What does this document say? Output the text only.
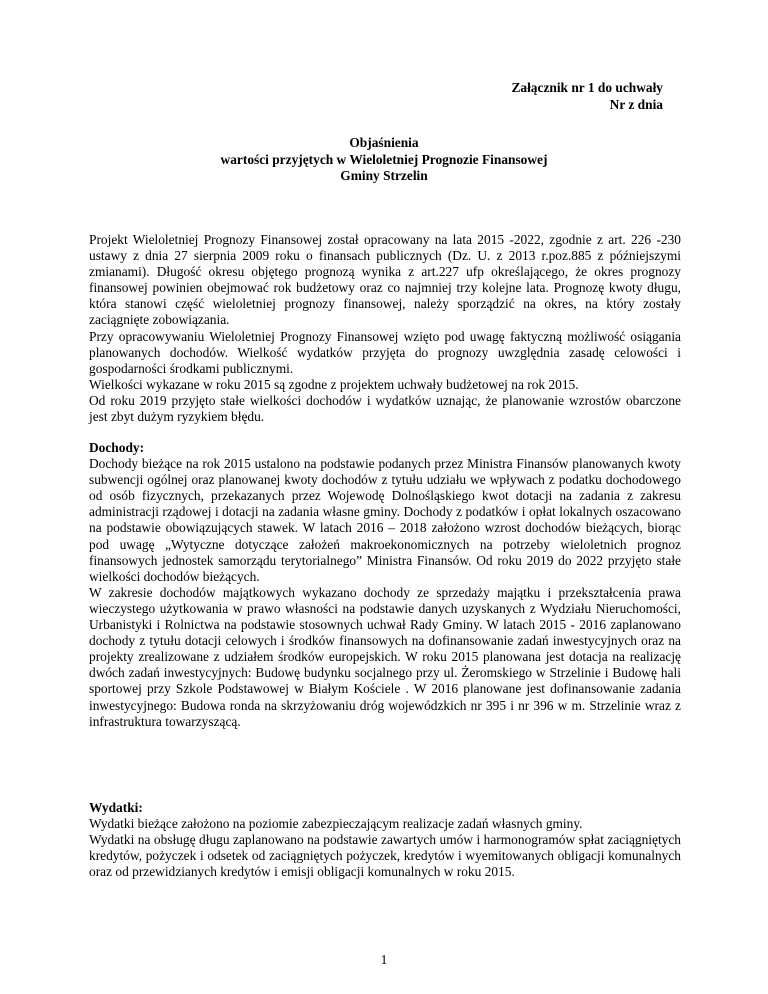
Załącznik nr 1 do uchwały
Nr z dnia
Objaśnienia
wartości przyjętych w Wieloletniej Prognozie Finansowej
Gminy Strzelin

Projekt Wieloletniej Prognozy Finansowej został opracowany na lata 2015 -2022, zgodnie z art. 226 -230 ustawy z dnia 27 sierpnia 2009 roku o finansach publicznych (Dz. U. z 2013 r.poz.885 z późniejszymi zmianami). Długość okresu objętego prognozą wynika z art.227 ufp określającego, że okres prognozy finansowej powinien obejmować rok budżetowy oraz co najmniej trzy kolejne lata. Prognozę kwoty długu, która stanowi część wieloletniej prognozy finansowej, należy sporządzić na okres, na który zostały zaciągnięte zobowiązania.

Przy opracowywaniu Wieloletniej Prognozy Finansowej wzięto pod uwagę faktyczną możliwość osiągania planowanych dochodów. Wielkość wydatków przyjęta do prognozy uwzględnia zasadę celowości i gospodarności środkami publicznymi.

Wielkości wykazane w roku 2015 są zgodne z projektem uchwały budżetowej na rok 2015.

Od roku 2019 przyjęto stałe wielkości dochodów i wydatków uznając, że planowanie wzrostów obarczone jest zbyt dużym ryzykiem błędu.

Dochody:

Dochody bieżące na rok 2015 ustalono na podstawie podanych przez Ministra Finansów planowanych kwoty subwencji ogólnej oraz planowanej kwoty dochodów z tytułu udziału we wpływach z podatku dochodowego od osób fizycznych, przekazanych przez Wojewodę Dolnośląskiego kwot dotacji na zadania z zakresu administracji rządowej i dotacji na zadania własne gminy. Dochody z podatków i opłat lokalnych oszacowano na podstawie obowiązujących stawek. W latach 2016 – 2018 założono wzrost dochodów bieżących, biorąc pod uwagę „Wytyczne dotyczące założeń makroekonomicznych na potrzeby wieloletnich prognoz finansowych jednostek samorządu terytorialnego” Ministra Finansów. Od roku 2019 do 2022 przyjęto stałe wielkości dochodów bieżących.

W zakresie dochodów majątkowych wykazano dochody ze sprzedaży majątku i przekształcenia prawa wieczystego użytkowania w prawo własności na podstawie danych uzyskanych z Wydziału Nieruchomości, Urbanistyki i Rolnictwa na podstawie stosownych uchwał Rady Gminy. W latach 2015 - 2016 zaplanowano dochody z tytułu dotacji celowych i środków finansowych na dofinansowanie zadań inwestycyjnych oraz na projekty zrealizowane z udziałem środków europejskich. W roku 2015 planowana jest dotacja na realizację dwóch zadań inwestycyjnych: Budowę budynku socjalnego przy ul. Żeromskiego w Strzelinie i Budowę hali sportowej przy Szkole Podstawowej w Białym Kościele . W 2016 planowane jest dofinansowanie zadania inwestycyjnego: Budowa ronda na skrzyżowaniu dróg wojewódzkich nr 395 i nr 396 w m. Strzelinie wraz z infrastruktura towarzyszącą.

Wydatki:

Wydatki bieżące założono na poziomie zabezpieczającym realizacje zadań własnych gminy.

Wydatki na obsługę długu zaplanowano na podstawie zawartych umów i harmonogramów spłat zaciągniętych kredytów, pożyczek i odsetek od zaciągniętych pożyczek, kredytów i wyemitowanych obligacji komunalnych oraz od przewidzianych kredytów i emisji obligacji komunalnych w roku 2015.

1
